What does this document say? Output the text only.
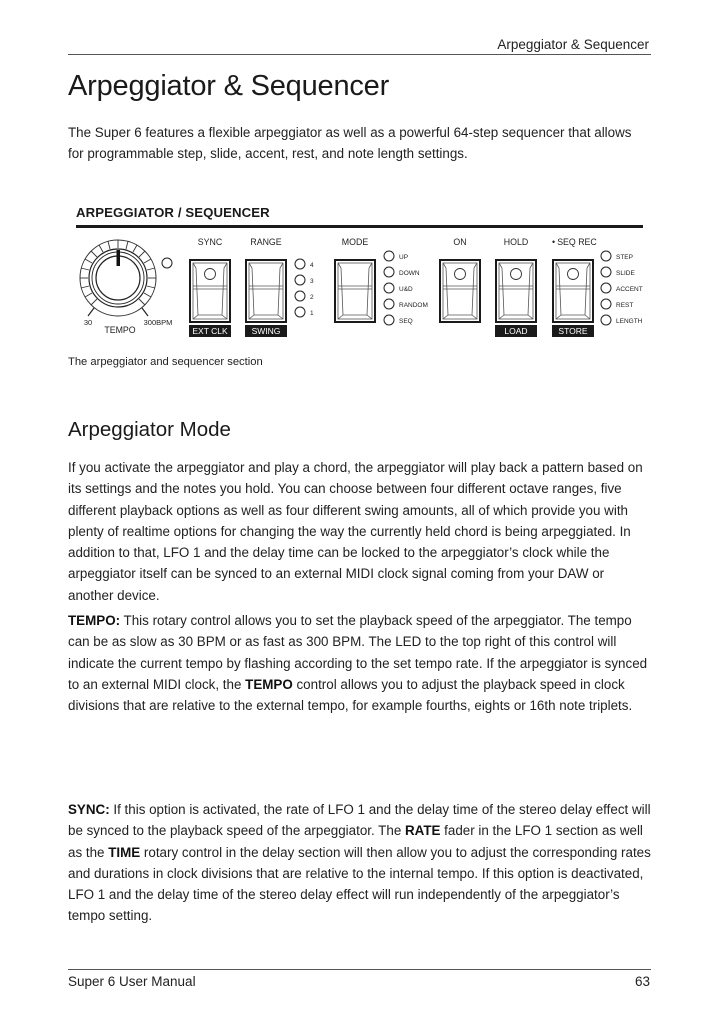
Arpeggiator & Sequencer
Arpeggiator & Sequencer

The Super 6 features a flexible arpeggiator as well as a powerful 64-step sequencer that allows for programmable step, slide, accent, rest, and note length settings.

ARPEGGIATOR / SEQUENCER
30	300BPM
TEMPO
SYNC
EXT CLK
RANGE
SWING
4
3
2
1
MODE
UP
DOWN
U&D
RANDOM
SEQ
ON	HOLD
LOAD
• SEQ REC
STORE
STEP
SLIDE
ACCENT
REST
LENGTH
The arpeggiator and sequencer section
Arpeggiator Mode

If you activate the arpeggiator and play a chord, the arpeggiator will play back a pattern based on its settings and the notes you hold. You can choose between four different octave ranges, five different playback options as well as four different swing amounts, all of which provide you with plenty of realtime options for changing the way the currently held chord is being arpeggiated. In addition to that, LFO 1 and the delay time can be locked to the arpeggiator’s clock while the arpeggiator itself can be synced to an external MIDI clock signal coming from your DAW or another device.

TEMPO: This rotary control allows you to set the playback speed of the arpeggiator. The tempo can be as slow as 30 BPM or as fast as 300 BPM. The LED to the top right of this control will indicate the current tempo by flashing according to the set tempo rate. If the arpeggiator is synced to an external MIDI clock, the TEMPO control allows you to adjust the playback speed in clock divisions that are relative to the external tempo, for example fourths, eights or 16th note triplets.

SYNC: If this option is activated, the rate of LFO 1 and the delay time of the stereo delay effect will be synced to the playback speed of the arpeggiator. The RATE fader in the LFO 1 section as well as the TIME rotary control in the delay section will then allow you to adjust the corresponding rates and durations in clock divisions that are relative to the internal tempo. If this option is deactivated, LFO 1 and the delay time of the stereo delay effect will run independently of the arpeggiator’s tempo setting.

Super 6 User Manual	63
